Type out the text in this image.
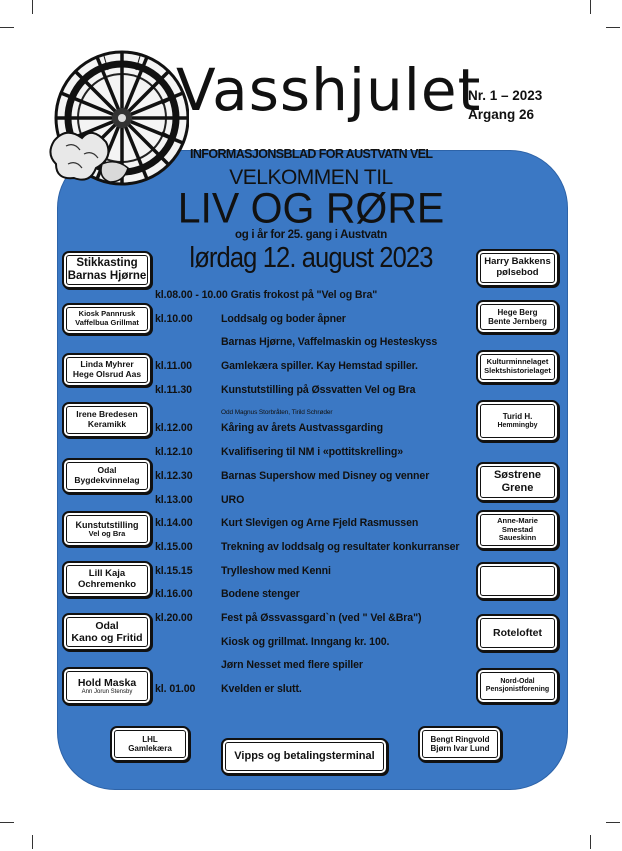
Vasshjulet
Nr. 1 – 2023
Årgang 26
INFORMASJONSBLAD FOR AUSTVATN VEL
VELKOMMEN TIL
LIV OG RØRE
og i år for 25. gang i Austvatn
lørdag 12. august 2023
Stikkasting
Barnas Hjørne
Kiosk Pannrusk
Vaffelbua Grillmat
Linda Myhrer
Hege Olsrud Aas
Irene Bredesen
Keramikk
Odal
Bygdekvinnelag
Kunstutstilling
Vel og Bra
Lill Kaja
Ochremenko
Odal
Kano og Fritid
Hold Maska
Ann Jorun Stensby
Harry Bakkens
pølsebod
Hege Berg
Bente Jernberg
Kulturminnelaget
Slektshistorielaget
Turid H.
Hemmingby
Søstrene
Grene
Anne-Marie
Smestad
Saueskinn
Roteloftet
Nord-Odal
Pensjonistforening
LHL
Gamlekæra
Vipps og betalingsterminal
Bengt Ringvold
Bjørn Ivar Lund
kl.08.00 - 10.00 Gratis frokost på "Vel og Bra"
kl.10.00	Loddsalg og boder åpner
Barnas Hjørne, Vaffelmaskin og Hesteskyss
kl.11.00	Gamlekæra spiller. Kay Hemstad spiller.
kl.11.30	Kunstutstilling på Øssvatten Vel og Bra
Odd Magnus Storbråten, Tirild Schrøder
kl.12.00	Kåring av årets Austvassgarding
kl.12.10	Kvalifisering til NM i «pottitskrelling»
kl.12.30	Barnas Supershow med Disney og venner
kl.13.00	URO
kl.14.00	Kurt Slevigen og Arne Fjeld Rasmussen
kl.15.00	Trekning av loddsalg og resultater konkurranser
kl.15.15	Trylleshow med Kenni
kl.16.00	Bodene stenger
kl.20.00	Fest på Øssvassgard`n (ved " Vel &Bra")
Kiosk og grillmat. Inngang kr. 100.
Jørn Nesset med flere spiller
kl. 01.00 Kvelden er slutt.
